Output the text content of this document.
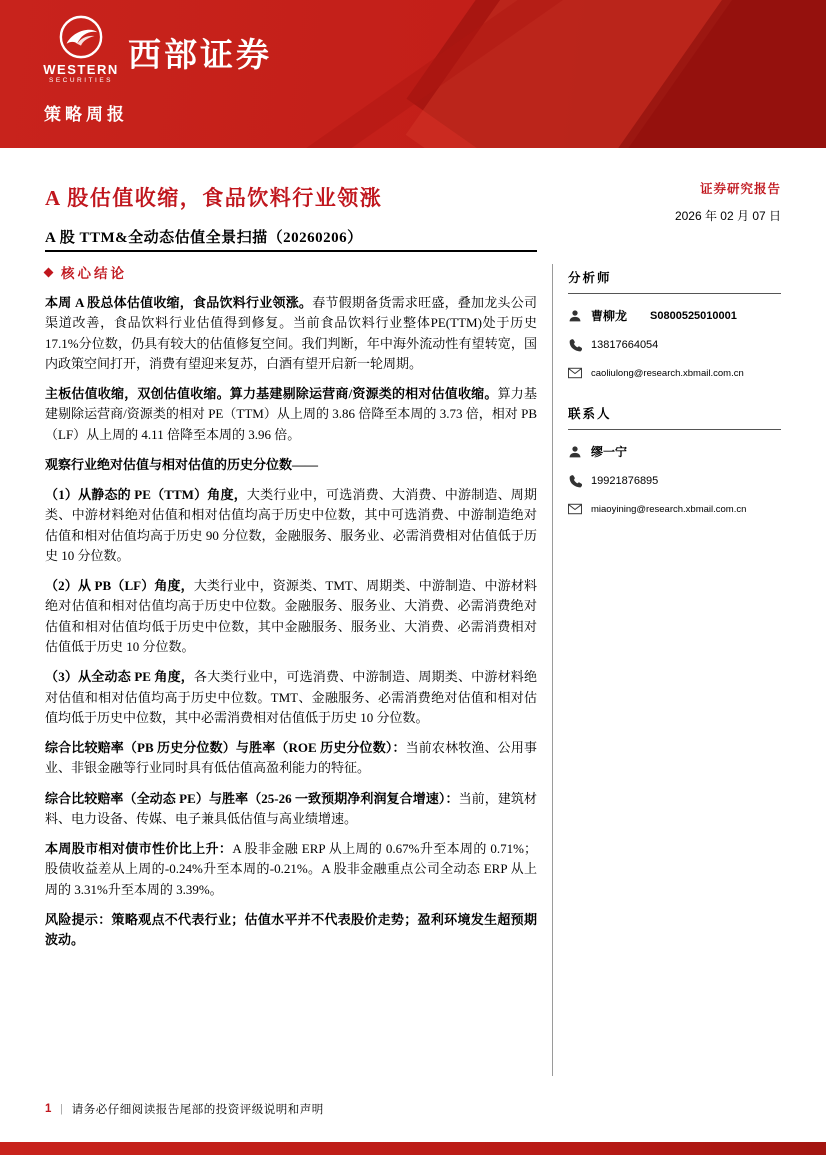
WESTERN
SECURITIES
西部证券
策略周报
A 股估值收缩，食品饮料行业领涨	证券研究报告
2026 年 02 月 07 日
A 股 TTM&全动态估值全景扫描（20260206）
核心结论

本周 A 股总体估值收缩，食品饮料行业领涨。春节假期备货需求旺盛，叠加龙头公司渠道改善，食品饮料行业估值得到修复。当前食品饮料行业整体PE(TTM)处于历史 17.1%分位数，仍具有较大的估值修复空间。我们判断，年中海外流动性有望转宽，国内政策空间打开，消费有望迎来复苏，白酒有望开启新一轮周期。

主板估值收缩，双创估值收缩。算力基建剔除运营商/资源类的相对估值收缩。算力基建剔除运营商/资源类的相对 PE（TTM）从上周的 3.86 倍降至本周的 3.73 倍，相对 PB（LF）从上周的 4.11 倍降至本周的 3.96 倍。

观察行业绝对估值与相对估值的历史分位数——

（1）从静态的 PE（TTM）角度，大类行业中，可选消费、大消费、中游制造、周期类、中游材料绝对估值和相对估值均高于历史中位数，其中可选消费、中游制造绝对估值和相对估值均高于历史 90 分位数，金融服务、服务业、必需消费相对估值低于历史 10 分位数。

（2）从 PB（LF）角度，大类行业中，资源类、TMT、周期类、中游制造、中游材料绝对估值和相对估值均高于历史中位数。金融服务、服务业、大消费、必需消费绝对估值和相对估值均低于历史中位数，其中金融服务、服务业、大消费、必需消费相对估值低于历史 10 分位数。

（3）从全动态 PE 角度，各大类行业中，可选消费、中游制造、周期类、中游材料绝对估值和相对估值均高于历史中位数。TMT、金融服务、必需消费绝对估值和相对估值均低于历史中位数，其中必需消费相对估值低于历史 10 分位数。

综合比较赔率（PB 历史分位数）与胜率（ROE 历史分位数）：当前农林牧渔、公用事业、非银金融等行业同时具有低估值高盈利能力的特征。

综合比较赔率（全动态 PE）与胜率（25-26 一致预期净利润复合增速）：当前，建筑材料、电力设备、传媒、电子兼具低估值与高业绩增速。

本周股市相对债市性价比上升：A 股非金融 ERP 从上周的 0.67%升至本周的 0.71%；股债收益差从上周的-0.24%升至本周的-0.21%。A 股非金融重点公司全动态 ERP 从上周的 3.31%升至本周的 3.39%。

风险提示：策略观点不代表行业；估值水平并不代表股价走势；盈利环境发生超预期波动。

分析师
曹柳龙 S0800525010001
13817664054
caoliulong@research.xbmail.com.cn
联系人
缪一宁
19921876895
miaoyining@research.xbmail.com.cn
1 | 请务必仔细阅读报告尾部的投资评级说明和声明
